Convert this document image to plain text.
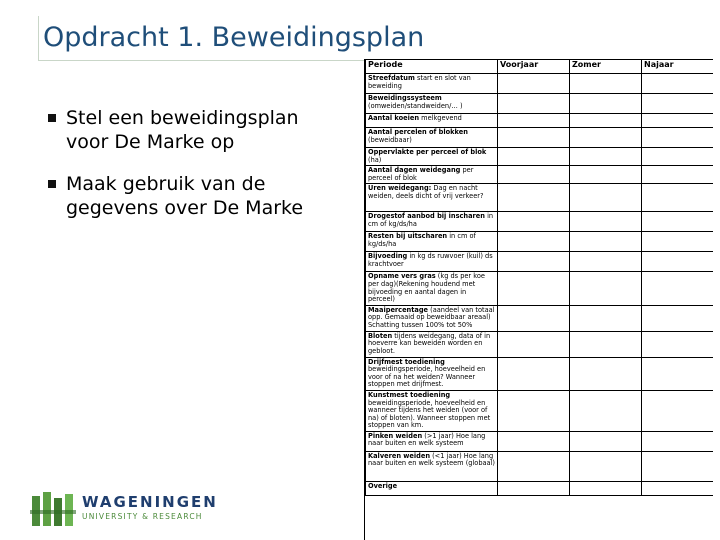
Opdracht 1. Beweidingsplan
Stel een beweidingsplan voor De Marke op
Maak gebruik van de gegevens over De Marke
Periode	Voorjaar	Zomer	Najaar
Streefdatum start en slot van beweiding			
Beweidingssysteem (omweiden/standweiden/… )			
Aantal koeien melkgevend			
Aantal percelen of blokken (beweidbaar)			
Oppervlakte per perceel of blok (ha)			
Aantal dagen weidegang per perceel of blok			
Uren weidegang: Dag en nacht weiden, deels dicht of vrij verkeer?			
Drogestof aanbod bij inscharen in cm of kg/ds/ha			
Resten bij uitscharen in cm of kg/ds/ha			
Bijvoeding in kg ds ruwvoer (kuil) ds krachtvoer			
Opname vers gras (kg ds per koe per dag)(Rekening houdend met bijvoeding en aantal dagen in perceel)			
Maaipercentage (aandeel van totaal opp. Gemaaid op beweidbaar areaal) Schatting tussen 100% tot 50%			
Bloten tijdens weidegang, data of in hoeverre kan beweiden worden en gebloot.			
Drijfmest toediening beweidingsperiode, hoeveelheid en voor of na het weiden? Wanneer stoppen met drijfmest.			
Kunstmest toediening beweidingsperiode, hoeveelheid en wanneer tijdens het weiden (voor of na) of bloten). Wanneer stoppen met stoppen van km.			
Pinken weiden (>1 jaar) Hoe lang naar buiten en welk systeem			
Kalveren weiden (<1 jaar) Hoe lang naar buiten en welk systeem (globaal)			
Overige			
WAGENINGEN
UNIVERSITY & RESEARCH
